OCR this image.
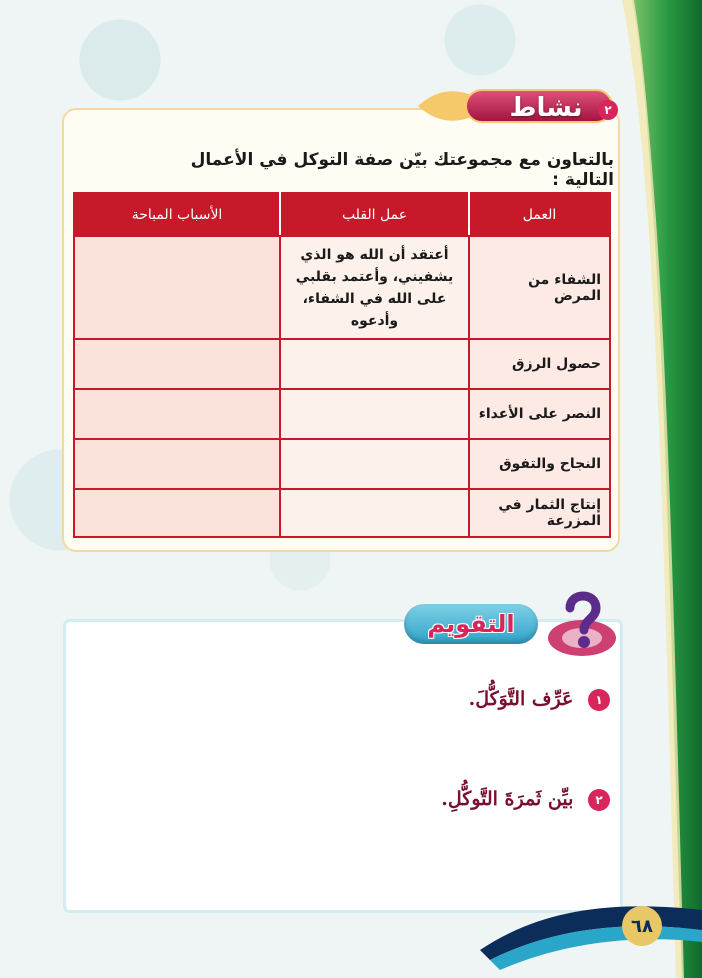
نشاط	٢
بالتعاون مع مجموعتك بيّن صفة التوكل في الأعمال التالية :
العمل	عمل القلب	الأسباب المباحة
الشفاء من المرض	أعتقد أن الله هو الذي يشفيني، وأعتمد بقلبي على الله في الشفاء، وأدعوه	
حصول الرزق		
النصر على الأعداء		
النجاح والتفوق		
إنتاج الثمار في المزرعة		
التقويم
١ عَرِّف التَّوَكُّلَ.
٢ بيِّن ثَمرَةَ التَّوكُّلِ.
٦٨
